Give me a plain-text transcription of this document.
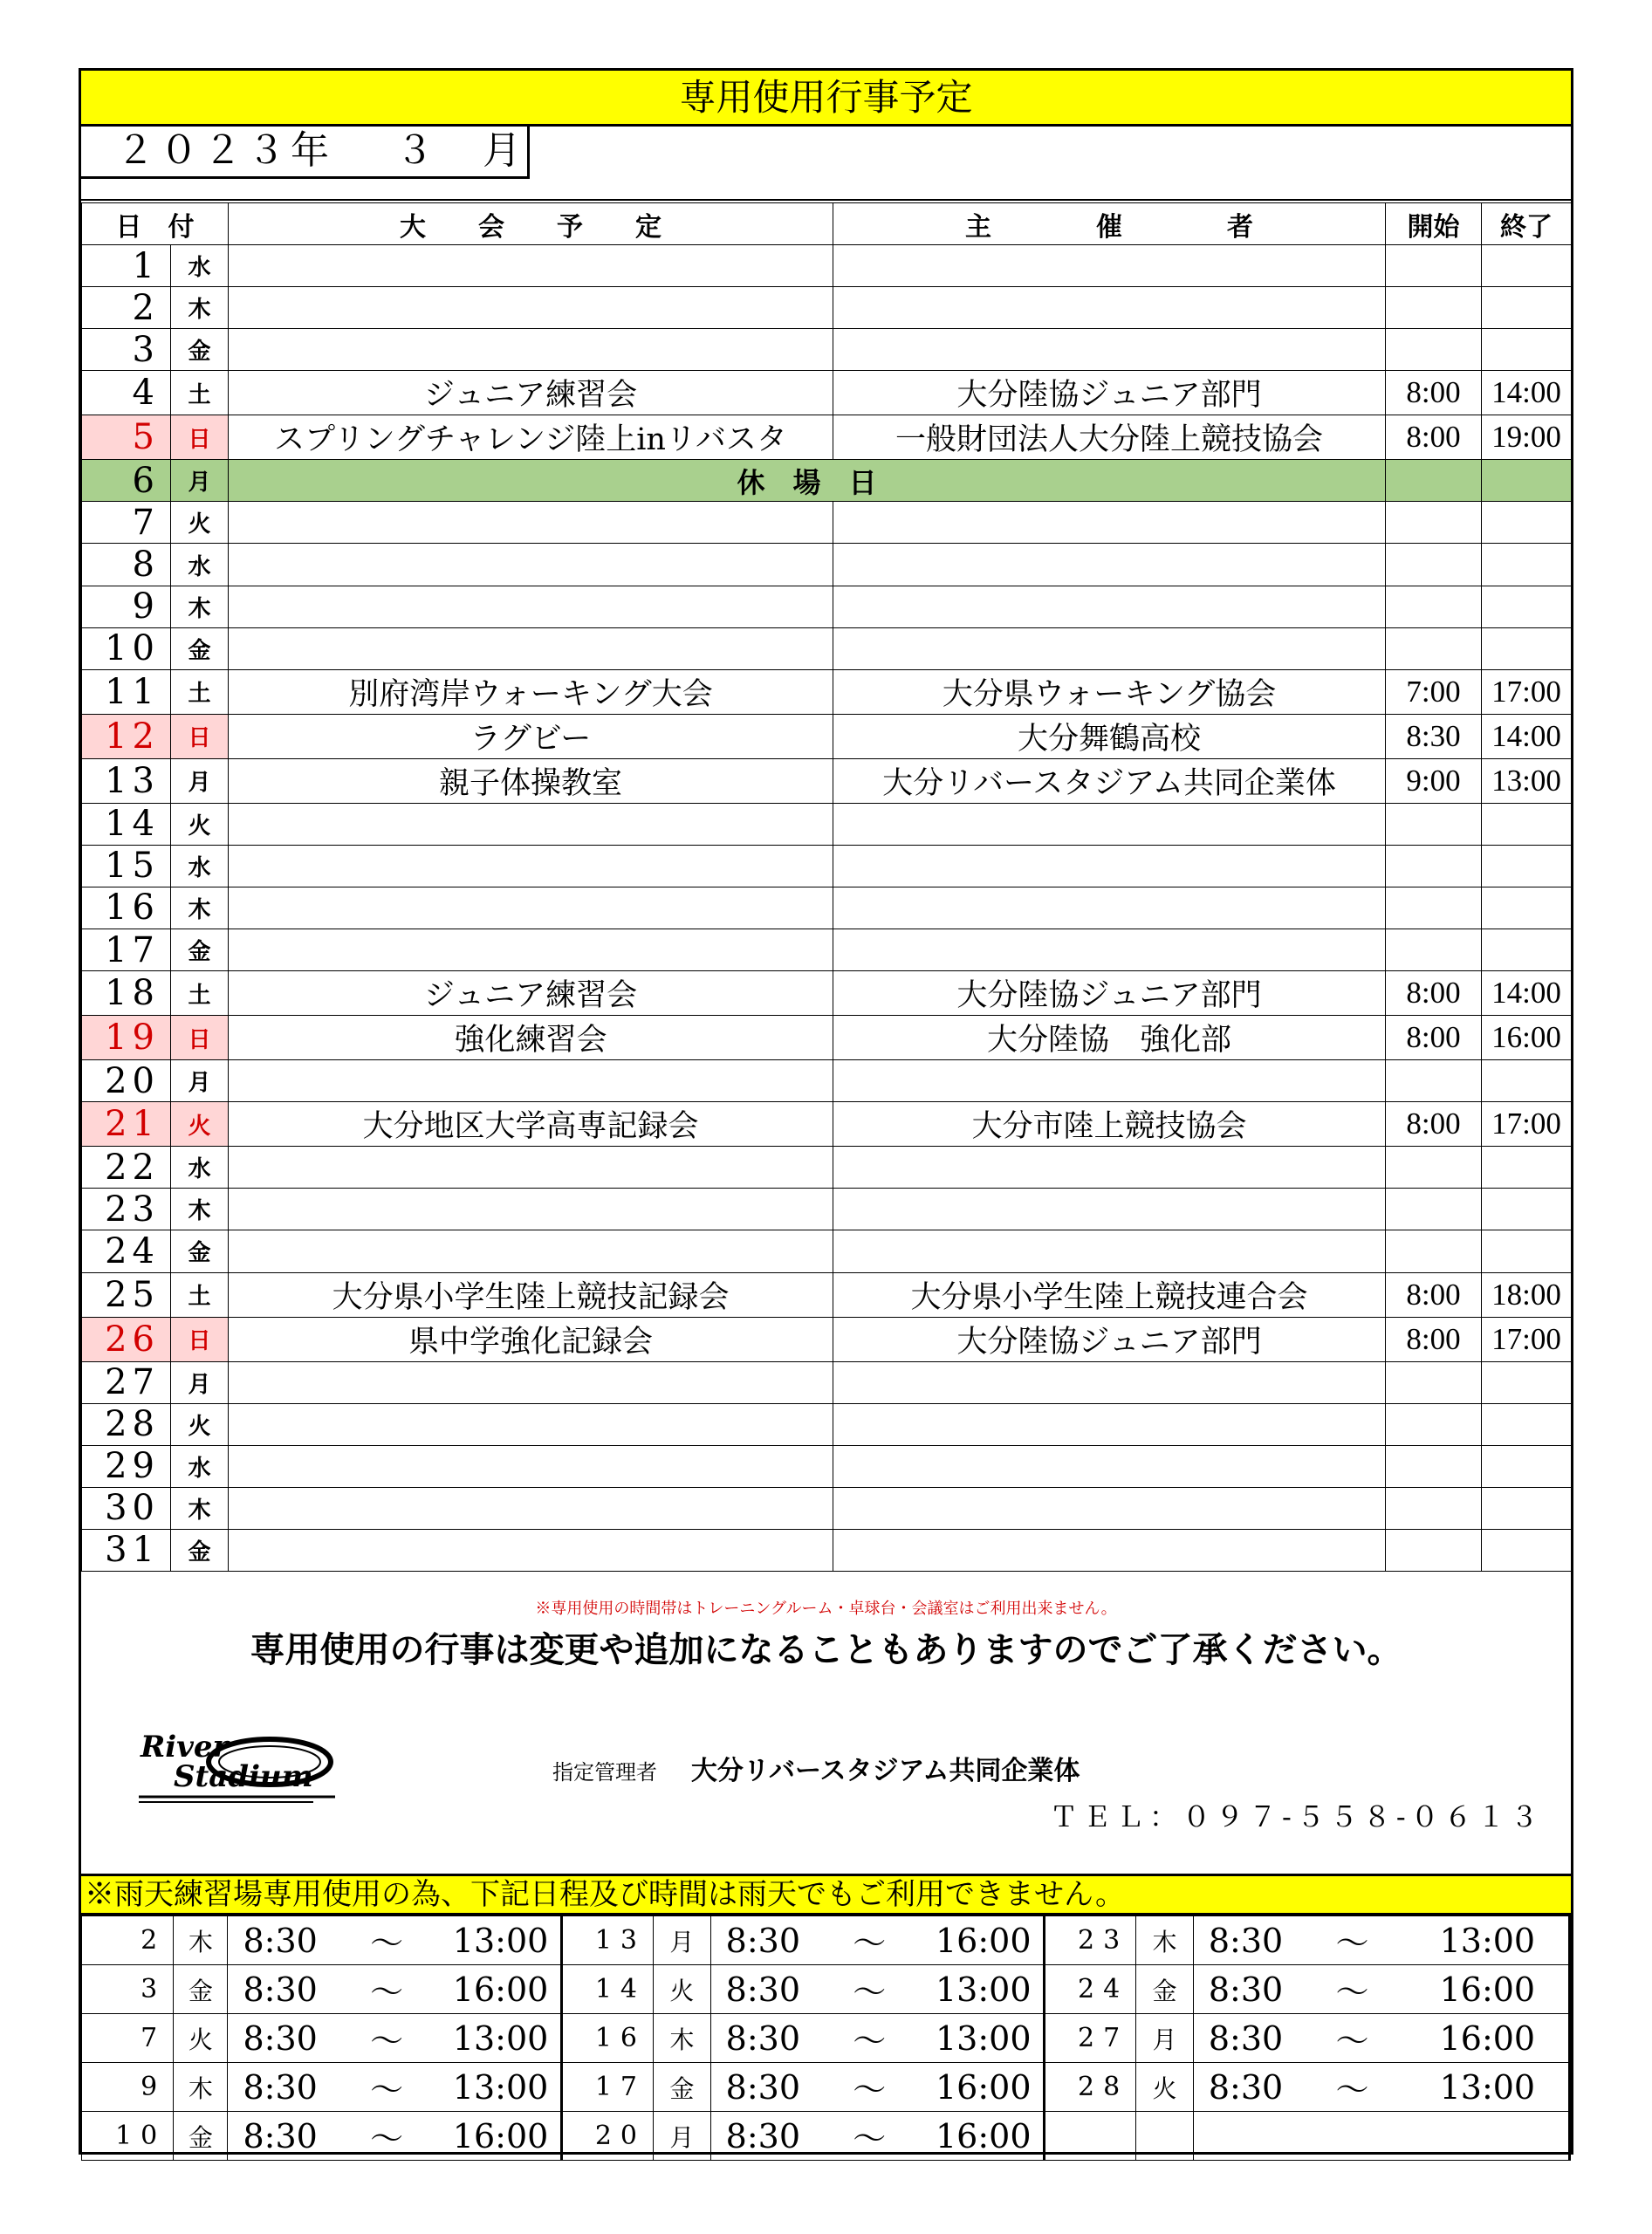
専用使用行事予定
２０２３年　 ３　月
日　付		大　　会　　予　　定	主　　　　催　　　　者	開始	終了
1	水				
2	木				
3	金				
4	土	ジュニア練習会	大分陸協ジュニア部門	8:00	14:00
5	日	スプリングチャレンジ陸上inリバスタ	一般財団法人大分陸上競技協会	8:00	19:00
6	月	休　場　日			
7	火				
8	水				
9	木				
10	金				
11	土	別府湾岸ウォーキング大会	大分県ウォーキング協会	7:00	17:00
12	日	ラグビー	大分舞鶴高校	8:30	14:00
13	月	親子体操教室	大分リバースタジアム共同企業体	9:00	13:00
14	火				
15	水				
16	木				
17	金				
18	土	ジュニア練習会	大分陸協ジュニア部門	8:00	14:00
19	日	強化練習会	大分陸協　強化部	8:00	16:00
20	月				
21	火	大分地区大学高専記録会	大分市陸上競技協会	8:00	17:00
22	水				
23	木				
24	金				
25	土	大分県小学生陸上競技記録会	大分県小学生陸上競技連合会	8:00	18:00
26	日	県中学強化記録会	大分陸協ジュニア部門	8:00	17:00
27	月				
28	火				
29	水				
30	木				
31	金				
※専用使用の時間帯はトレーニングルーム・卓球台・会議室はご利用出来ません。
専用使用の行事は変更や追加になることもありますのでご了承ください。
River
Stadium	指定管理者 大分リバースタジアム共同企業体
ＴＥＬ：０９７-５５８-０６１３
※雨天練習場専用使用の為、下記日程及び時間は雨天でもご利用できません。
2	木	8:30	〜	13:00	13	月	8:30	〜	16:00	23	木	8:30	〜	13:00
3	金	8:30	〜	16:00	14	火	8:30	〜	13:00	24	金	8:30	〜	16:00
7	火	8:30	〜	13:00	16	木	8:30	〜	13:00	27	月	8:30	〜	16:00
9	木	8:30	〜	13:00	17	金	8:30	〜	16:00	28	火	8:30	〜	13:00
10	金	8:30	〜	16:00	20	月	8:30	〜	16:00					
